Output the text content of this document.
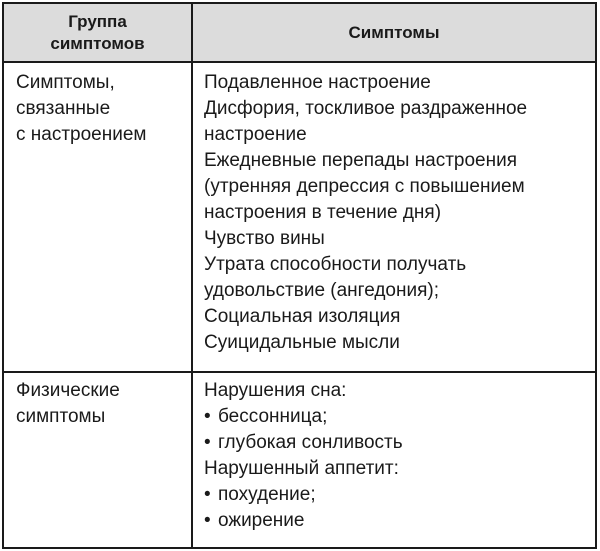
Группа
симптомов
Симптомы
Симптомы,
связанные
с настроением
Подавленное настроение
Дисфория, тоскливое раздраженное
настроение
Ежедневные перепады настроения
(утренняя депрессия с повышением
настроения в течение дня)
Чувство вины
Утрата способности получать
удовольствие (ангедония);
Социальная изоляция
Суицидальные мысли
Физические
симптомы
Нарушения сна:
• бессонница;
• глубокая сонливость
Нарушенный аппетит:
• похудение;
• ожирение
